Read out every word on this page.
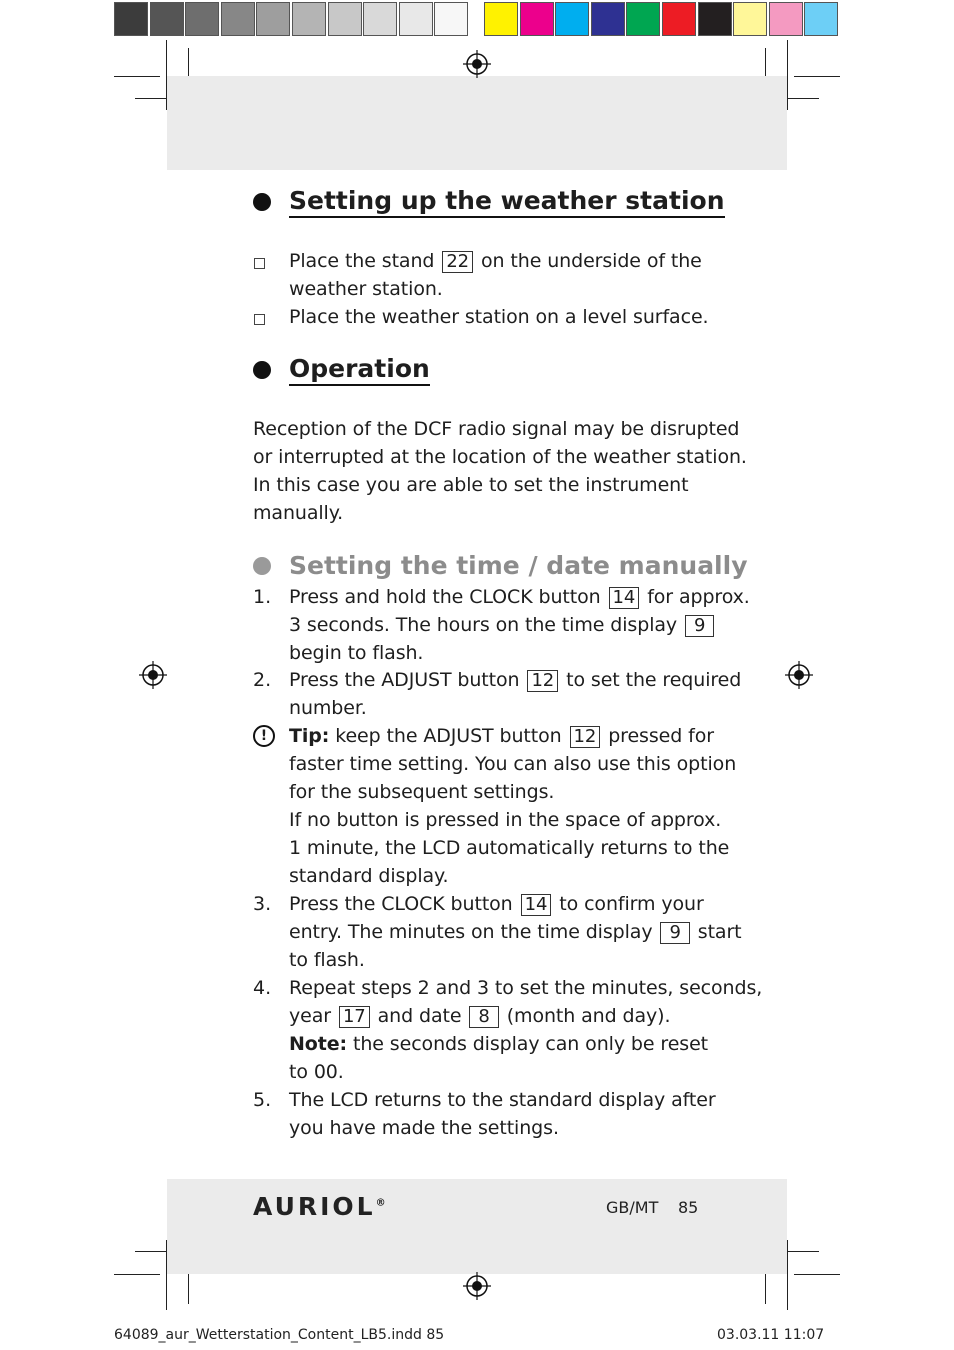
Setting up the weather station
Place the stand 22 on the underside of the
weather station.
Place the weather station on a level surface.
Operation
Reception of the DCF radio signal may be disrupted
or interrupted at the location of the weather station.
In this case you are able to set the instrument
manually.
Setting the time / date manually
1. Press and hold the CLOCK button 14 for approx.
3 seconds. The hours on the time display 9
begin to flash.
2. Press the ADJUST button 12 to set the required
number.
!	Tip: keep the ADJUST button 12 pressed for
faster time setting. You can also use this option
for the subsequent settings.
If no button is pressed in the space of approx.
1 minute, the LCD automatically returns to the
standard display.
3. Press the CLOCK button 14 to confirm your
entry. The minutes on the time display 9 start
to flash.
4. Repeat steps 2 and 3 to set the minutes, seconds,
year 17 and date 8 (month and day).
Note: the seconds display can only be reset
to 00.
5. The LCD returns to the standard display after
you have made the settings.
AURIOL®	GB/MT 85
64089_aur_Wetterstation_Content_LB5.indd 85	03.03.11 11:07
